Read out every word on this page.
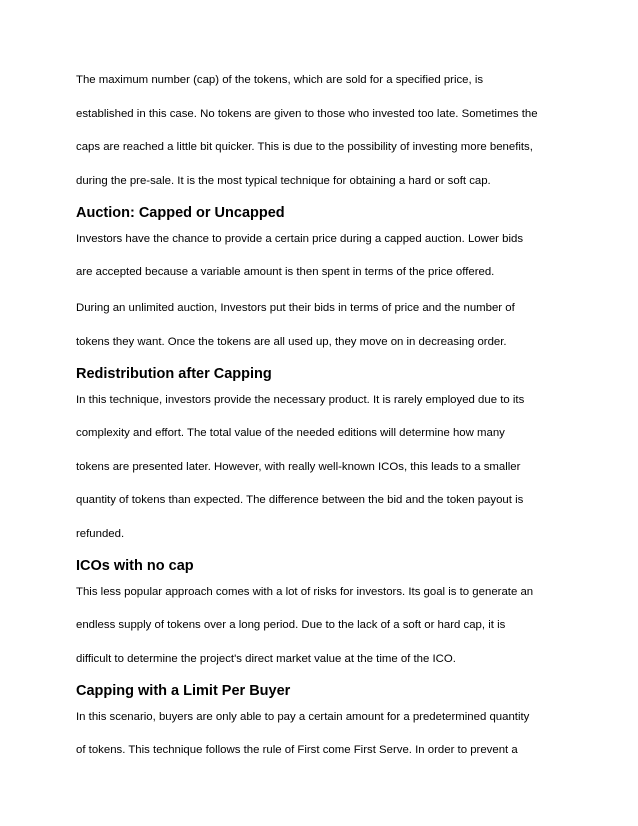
The maximum number (cap) of the tokens, which are sold for a specified price, is
established in this case. No tokens are given to those who invested too late. Sometimes the
caps are reached a little bit quicker. This is due to the possibility of investing more benefits,
during the pre-sale. It is the most typical technique for obtaining a hard or soft cap.
Auction: Capped or Uncapped
Investors have the chance to provide a certain price during a capped auction. Lower bids
are accepted because a variable amount is then spent in terms of the price offered.
During an unlimited auction, Investors put their bids in terms of price and the number of
tokens they want. Once the tokens are all used up, they move on in decreasing order.
Redistribution after Capping
In this technique, investors provide the necessary product. It is rarely employed due to its
complexity and effort. The total value of the needed editions will determine how many
tokens are presented later. However, with really well-known ICOs, this leads to a smaller
quantity of tokens than expected. The difference between the bid and the token payout is
refunded.
ICOs with no cap
This less popular approach comes with a lot of risks for investors. Its goal is to generate an
endless supply of tokens over a long period. Due to the lack of a soft or hard cap, it is
difficult to determine the project's direct market value at the time of the ICO.
Capping with a Limit Per Buyer
In this scenario, buyers are only able to pay a certain amount for a predetermined quantity
of tokens. This technique follows the rule of First come First Serve. In order to prevent a
